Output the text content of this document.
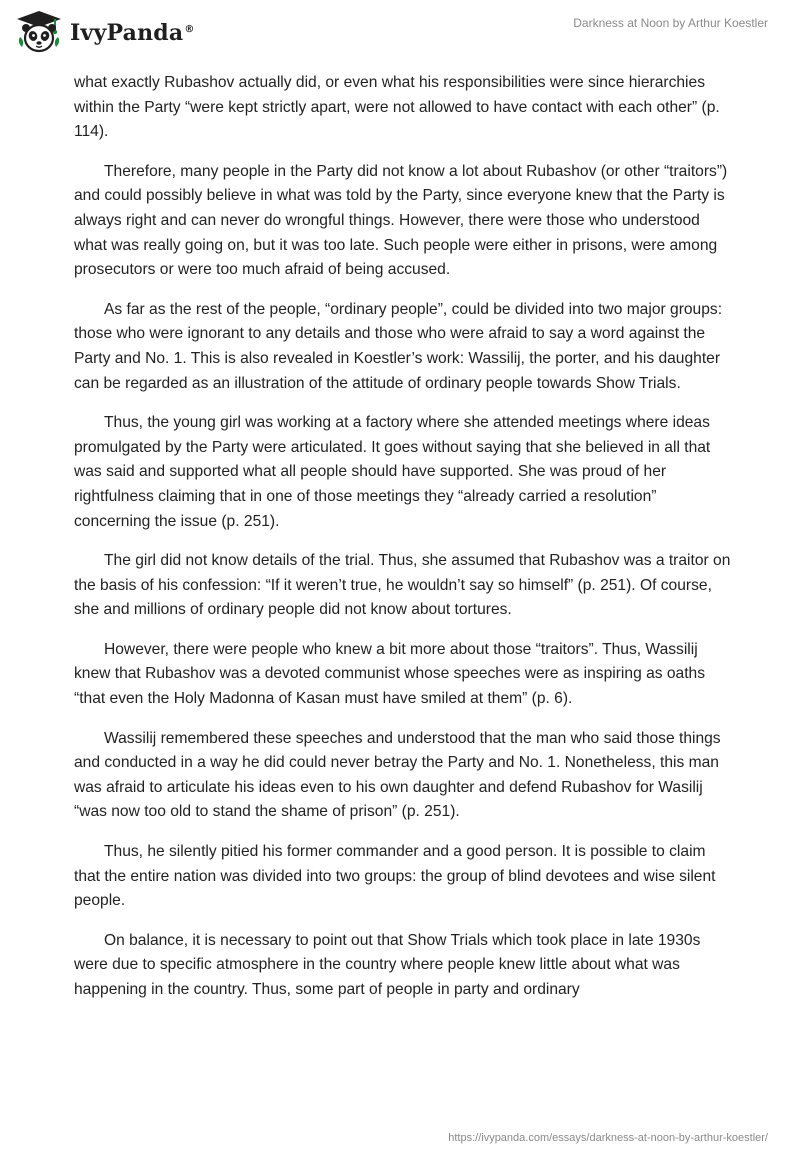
IvyPanda®	Darkness at Noon by Arthur Koestler

what exactly Rubashov actually did, or even what his responsibilities were since hierarchies within the Party “were kept strictly apart, were not allowed to have contact with each other” (p. 114).

Therefore, many people in the Party did not know a lot about Rubashov (or other “traitors”) and could possibly believe in what was told by the Party, since everyone knew that the Party is always right and can never do wrongful things. However, there were those who understood what was really going on, but it was too late. Such people were either in prisons, were among prosecutors or were too much afraid of being accused.

As far as the rest of the people, “ordinary people”, could be divided into two major groups: those who were ignorant to any details and those who were afraid to say a word against the Party and No. 1. This is also revealed in Koestler’s work: Wassilij, the porter, and his daughter can be regarded as an illustration of the attitude of ordinary people towards Show Trials.

Thus, the young girl was working at a factory where she attended meetings where ideas promulgated by the Party were articulated. It goes without saying that she believed in all that was said and supported what all people should have supported. She was proud of her rightfulness claiming that in one of those meetings they “already carried a resolution” concerning the issue (p. 251).

The girl did not know details of the trial. Thus, she assumed that Rubashov was a traitor on the basis of his confession: “If it weren’t true, he wouldn’t say so himself” (p. 251). Of course, she and millions of ordinary people did not know about tortures.

However, there were people who knew a bit more about those “traitors”. Thus, Wassilij knew that Rubashov was a devoted communist whose speeches were as inspiring as oaths “that even the Holy Madonna of Kasan must have smiled at them” (p. 6).

Wassilij remembered these speeches and understood that the man who said those things and conducted in a way he did could never betray the Party and No. 1. Nonetheless, this man was afraid to articulate his ideas even to his own daughter and defend Rubashov for Wasilij “was now too old to stand the shame of prison” (p. 251).

Thus, he silently pitied his former commander and a good person. It is possible to claim that the entire nation was divided into two groups: the group of blind devotees and wise silent people.

On balance, it is necessary to point out that Show Trials which took place in late 1930s were due to specific atmosphere in the country where people knew little about what was happening in the country. Thus, some part of people in party and ordinary

https://ivypanda.com/essays/darkness-at-noon-by-arthur-koestler/
